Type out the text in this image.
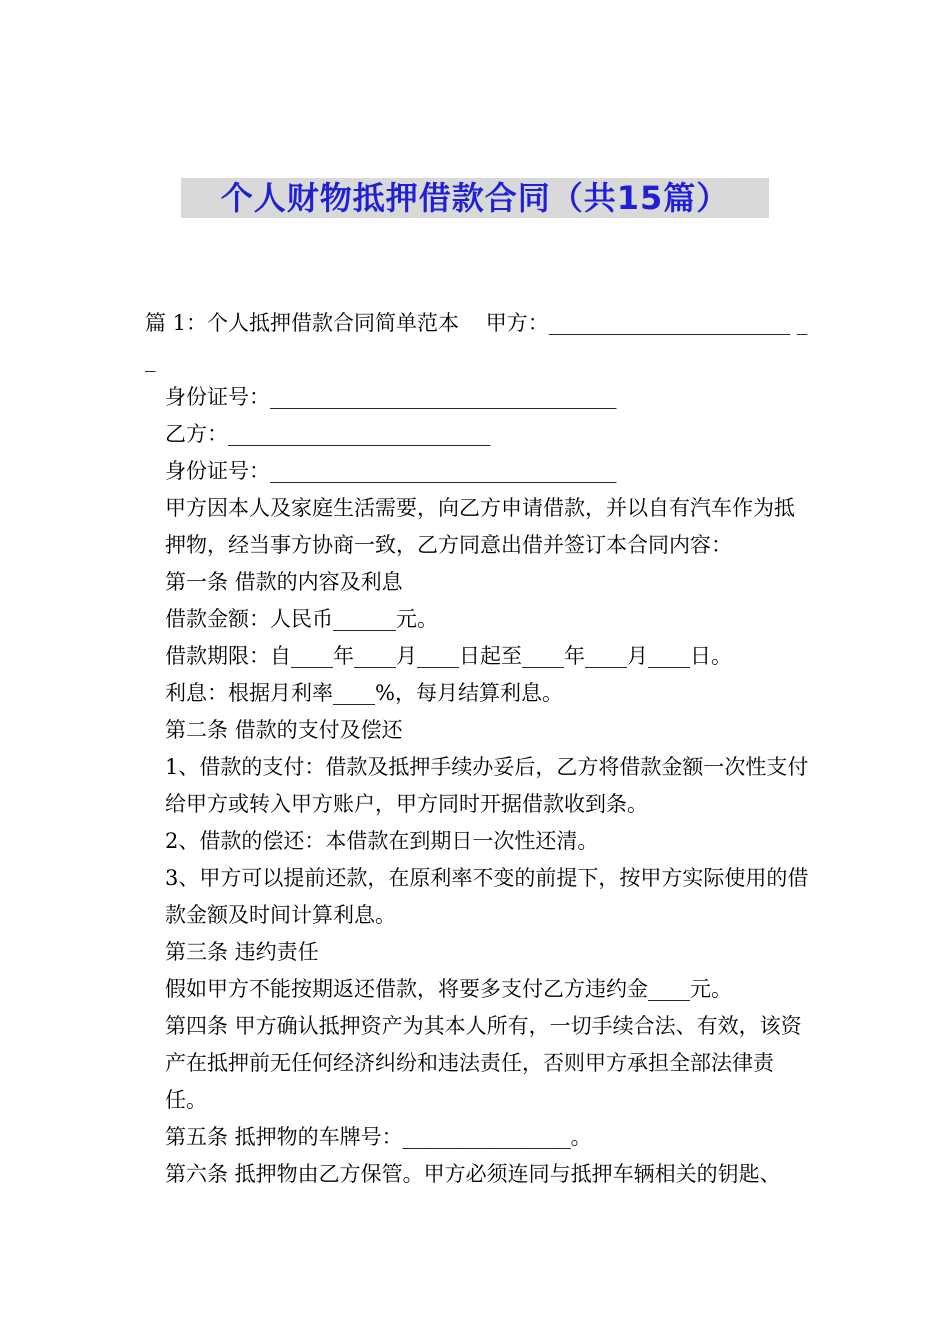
个人财物抵押借款合同（共15篇）

篇 1：个人抵押借款合同简单范本    甲方：_______________________ __

身份证号：_________________________________

乙方：_________________________

身份证号：_________________________________

甲方因本人及家庭生活需要，向乙方申请借款，并以自有汽车作为抵押物，经当事方协商一致，乙方同意出借并签订本合同内容：

第一条 借款的内容及利息

借款金额：人民币______元。

借款期限：自____年____月____日起至____年____月____日。

利息：根据月利率____%，每月结算利息。

第二条 借款的支付及偿还

1、借款的支付：借款及抵押手续办妥后，乙方将借款金额一次性支付给甲方或转入甲方账户，甲方同时开据借款收到条。

2、借款的偿还：本借款在到期日一次性还清。

3、甲方可以提前还款，在原利率不变的前提下，按甲方实际使用的借款金额及时间计算利息。

第三条 违约责任

假如甲方不能按期返还借款，将要多支付乙方违约金____元。

第四条 甲方确认抵押资产为其本人所有，一切手续合法、有效，该资产在抵押前无任何经济纠纷和违法责任，否则甲方承担全部法律责任。

第五条 抵押物的车牌号：________________。

第六条 抵押物由乙方保管。甲方必须连同与抵押车辆相关的钥匙、
